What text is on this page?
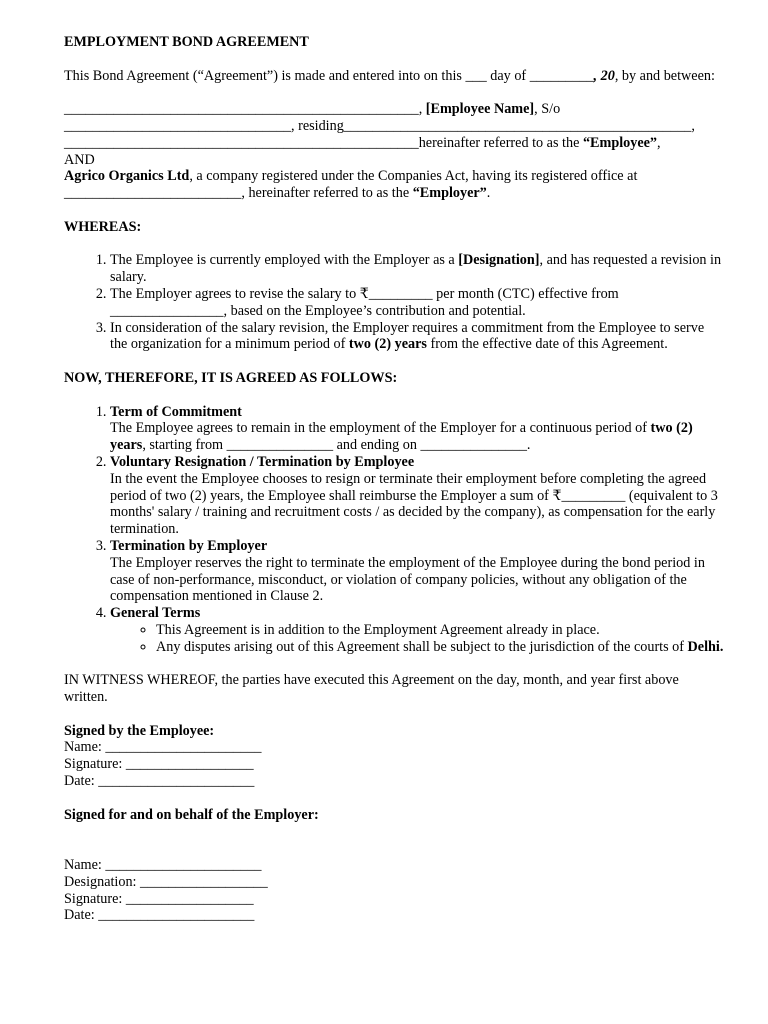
EMPLOYMENT BOND AGREEMENT

This Bond Agreement (“Agreement”) is made and entered into on this ___ day of _________, 20, by and between:

__________________________________________________, [Employee Name], S/o

________________________________, residing_________________________________________________,

__________________________________________________hereinafter referred to as the “Employee”,

AND

Agrico Organics Ltd, a company registered under the Companies Act, having its registered office at
_________________________, hereinafter referred to as the “Employer”.

WHEREAS:

1. The Employee is currently employed with the Employer as a [Designation], and has requested a revision in salary.
2. The Employer agrees to revise the salary to ₹_________ per month (CTC) effective from ________________, based on the Employee’s contribution and potential.
3. In consideration of the salary revision, the Employer requires a commitment from the Employee to serve the organization for a minimum period of two (2) years from the effective date of this Agreement.

NOW, THEREFORE, IT IS AGREED AS FOLLOWS:

1. Term of Commitment
The Employee agrees to remain in the employment of the Employer for a continuous period of two (2) years, starting from _______________ and ending on _______________.
2. Voluntary Resignation / Termination by Employee
In the event the Employee chooses to resign or terminate their employment before completing the agreed period of two (2) years, the Employee shall reimburse the Employer a sum of ₹_________ (equivalent to 3 months' salary / training and recruitment costs / as decided by the company), as compensation for the early termination.
3. Termination by Employer
The Employer reserves the right to terminate the employment of the Employee during the bond period in case of non-performance, misconduct, or violation of company policies, without any obligation of the compensation mentioned in Clause 2.
4. General Terms
◦ This Agreement is in addition to the Employment Agreement already in place.
◦ Any disputes arising out of this Agreement shall be subject to the jurisdiction of the courts of Delhi.

IN WITNESS WHEREOF, the parties have executed this Agreement on the day, month, and year first above written.

Signed by the Employee:

Name: ______________________

Signature: __________________

Date: ______________________

Signed for and on behalf of the Employer:

Name: ______________________

Designation: __________________

Signature: __________________

Date: ______________________
